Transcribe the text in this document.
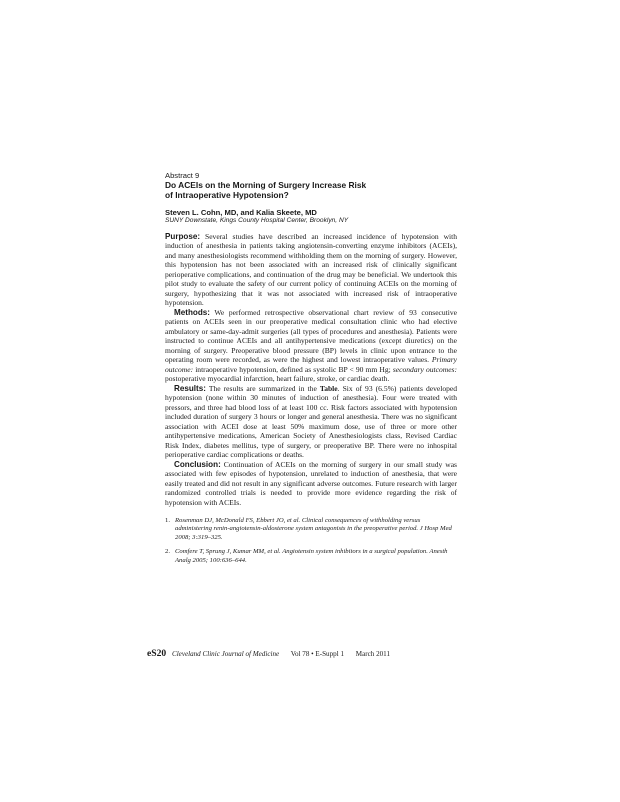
Abstract 9
Do ACEIs on the Morning of Surgery Increase Risk
of Intraoperative Hypotension?
Steven L. Cohn, MD, and Kalia Skeete, MD
SUNY Downstate, Kings County Hospital Center, Brooklyn, NY

Purpose: Several studies have described an increased incidence of hypotension with induction of anesthesia in patients taking angiotensin-converting enzyme inhibitors (ACEIs), and many anesthesiologists recommend withholding them on the morning of surgery. However, this hypotension has not been associated with an increased risk of clinically significant perioperative complications, and continuation of the drug may be beneficial. We undertook this pilot study to evaluate the safety of our current policy of continuing ACEIs on the morning of surgery, hypothesizing that it was not associated with increased risk of intraoperative hypotension.

Methods: We performed retrospective observational chart review of 93 consecutive patients on ACEIs seen in our preoperative medical consultation clinic who had elective ambulatory or same-day-admit surgeries (all types of procedures and anesthesia). Patients were instructed to continue ACEIs and all antihypertensive medications (except diuretics) on the morning of surgery. Preoperative blood pressure (BP) levels in clinic upon entrance to the operating room were recorded, as were the highest and lowest intraoperative values. Primary outcome: intraoperative hypotension, defined as systolic BP < 90 mm Hg; secondary outcomes: postoperative myocardial infarction, heart failure, stroke, or cardiac death.

Results: The results are summarized in the Table. Six of 93 (6.5%) patients developed hypotension (none within 30 minutes of induction of anesthesia). Four were treated with pressors, and three had blood loss of at least 100 cc. Risk factors associated with hypotension included duration of surgery 3 hours or longer and general anesthesia. There was no significant association with ACEI dose at least 50% maximum dose, use of three or more other antihypertensive medications, American Society of Anesthesiologists class, Revised Cardiac Risk Index, diabetes mellitus, type of surgery, or preoperative BP. There were no inhospital perioperative cardiac complications or deaths.

Conclusion: Continuation of ACEIs on the morning of surgery in our small study was associated with few episodes of hypotension, unrelated to induction of anesthesia, that were easily treated and did not result in any significant adverse outcomes. Future research with larger randomized controlled trials is needed to provide more evidence regarding the risk of hypotension with ACEIs.

1. Rosenman DJ, McDonald FS, Ebbert JO, et al. Clinical consequences of withholding versus administering renin-angiotensin-aldosterone system antagonists in the preoperative period. J Hosp Med 2008; 3:319–325.
2. Comfere T, Sprung J, Kumar MM, et al. Angiotensin system inhibitors in a surgical population. Anesth Analg 2005; 100:636–644.
eS20 Cleveland Clinic Journal of Medicine Vol 78 • E-Suppl 1 March 2011
